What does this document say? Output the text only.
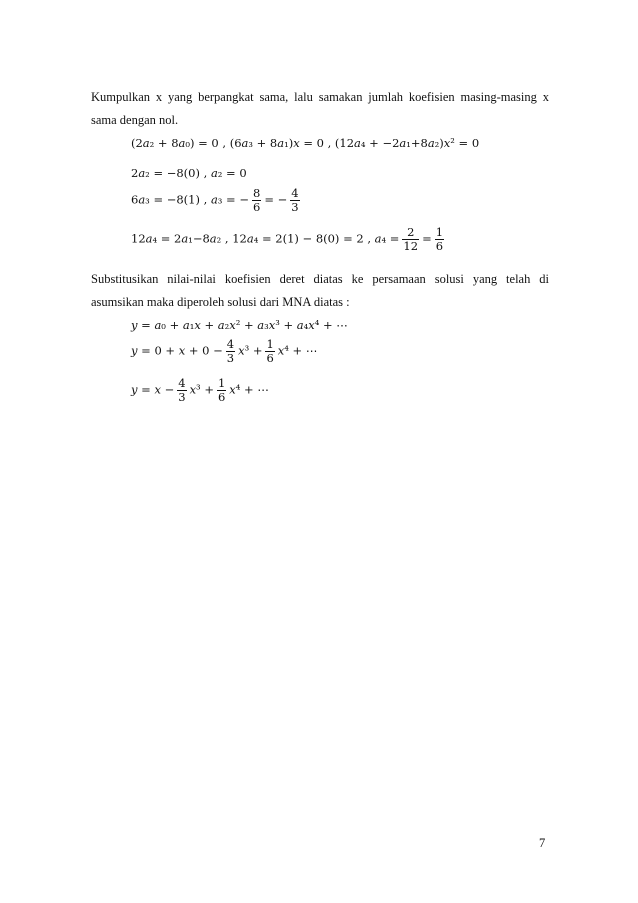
Kumpulkan x yang berpangkat sama, lalu samakan jumlah koefisien masing-masing x
sama dengan nol.
(2𝑎₂ + 8𝑎₀) = 0 , (6𝑎₃ + 8𝑎₁)𝑥 = 0 , (12𝑎₄ + −2𝑎₁+8𝑎₂)𝑥² = 0
2𝑎₂ = −8(0) , 𝑎₂ = 0
6𝑎₃ = −8(1) , 𝑎₃ = − $\frac{8}{6}$ = − $\frac{4}{3}$
12𝑎₄ = 2𝑎₁−8𝑎₂ , 12𝑎₄ = 2(1) − 8(0) = 2 , 𝑎₄ = $\frac{2}{12} = \frac{1}{6}$
Substitusikan nilai-nilai koefisien deret diatas ke persamaan solusi yang telah di
asumsikan maka diperoleh solusi dari MNA diatas :
𝑦 = 𝑎₀ + 𝑎₁𝑥 + 𝑎₂𝑥² + 𝑎₃𝑥³ + 𝑎₄𝑥⁴ + ⋯
𝑦 = 0 + 𝑥 + $0 - \frac{4}{3}$ 𝑥³ + $\frac{1}{6}$ 𝑥⁴ + ⋯
𝑦 = 𝑥 − $\frac{4}{3}$ 𝑥³ + $\frac{1}{6}$ 𝑥⁴ + ⋯
7
